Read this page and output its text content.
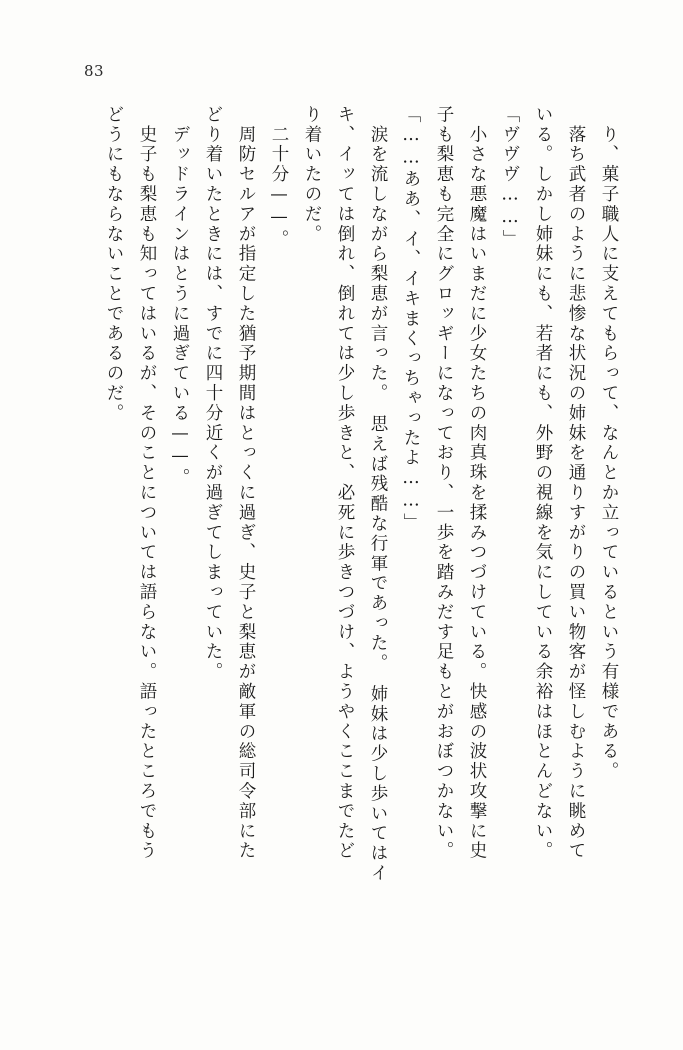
83
　り、菓子職人に支えてもらって、なんとか立っているという有様である。
　落ち武者のように悲惨な状況の姉妹を通りすがりの買い物客が怪しむように眺めて
いる。しかし姉妹にも、若者にも、外野の視線を気にしている余裕はほとんどない。
「ヴヴヴ……」
　小さな悪魔はいまだに少女たちの肉真珠を揉みつづけている。快感の波状攻撃に史
子も梨恵も完全にグロッギーになっており、一歩を踏みだす足もとがおぼつかない。
「……ああ、イ、イキまくっちゃったよ……」
　涙を流しながら梨恵が言った。　思えば残酷な行軍であった。　姉妹は少し歩いてはイ
キ、イッては倒れ、倒れては少し歩きと、必死に歩きつづけ、ようやくここまでたど
り着いたのだ。
　二十分——。
　周防セルアが指定した猶予期間はとっくに過ぎ、史子と梨恵が敵軍の総司令部にた
どり着いたときには、すでに四十分近くが過ぎてしまっていた。
　デッドラインはとうに過ぎている——。
　史子も梨恵も知ってはいるが、そのことについては語らない。語ったところでもう
どうにもならないことであるのだ。
